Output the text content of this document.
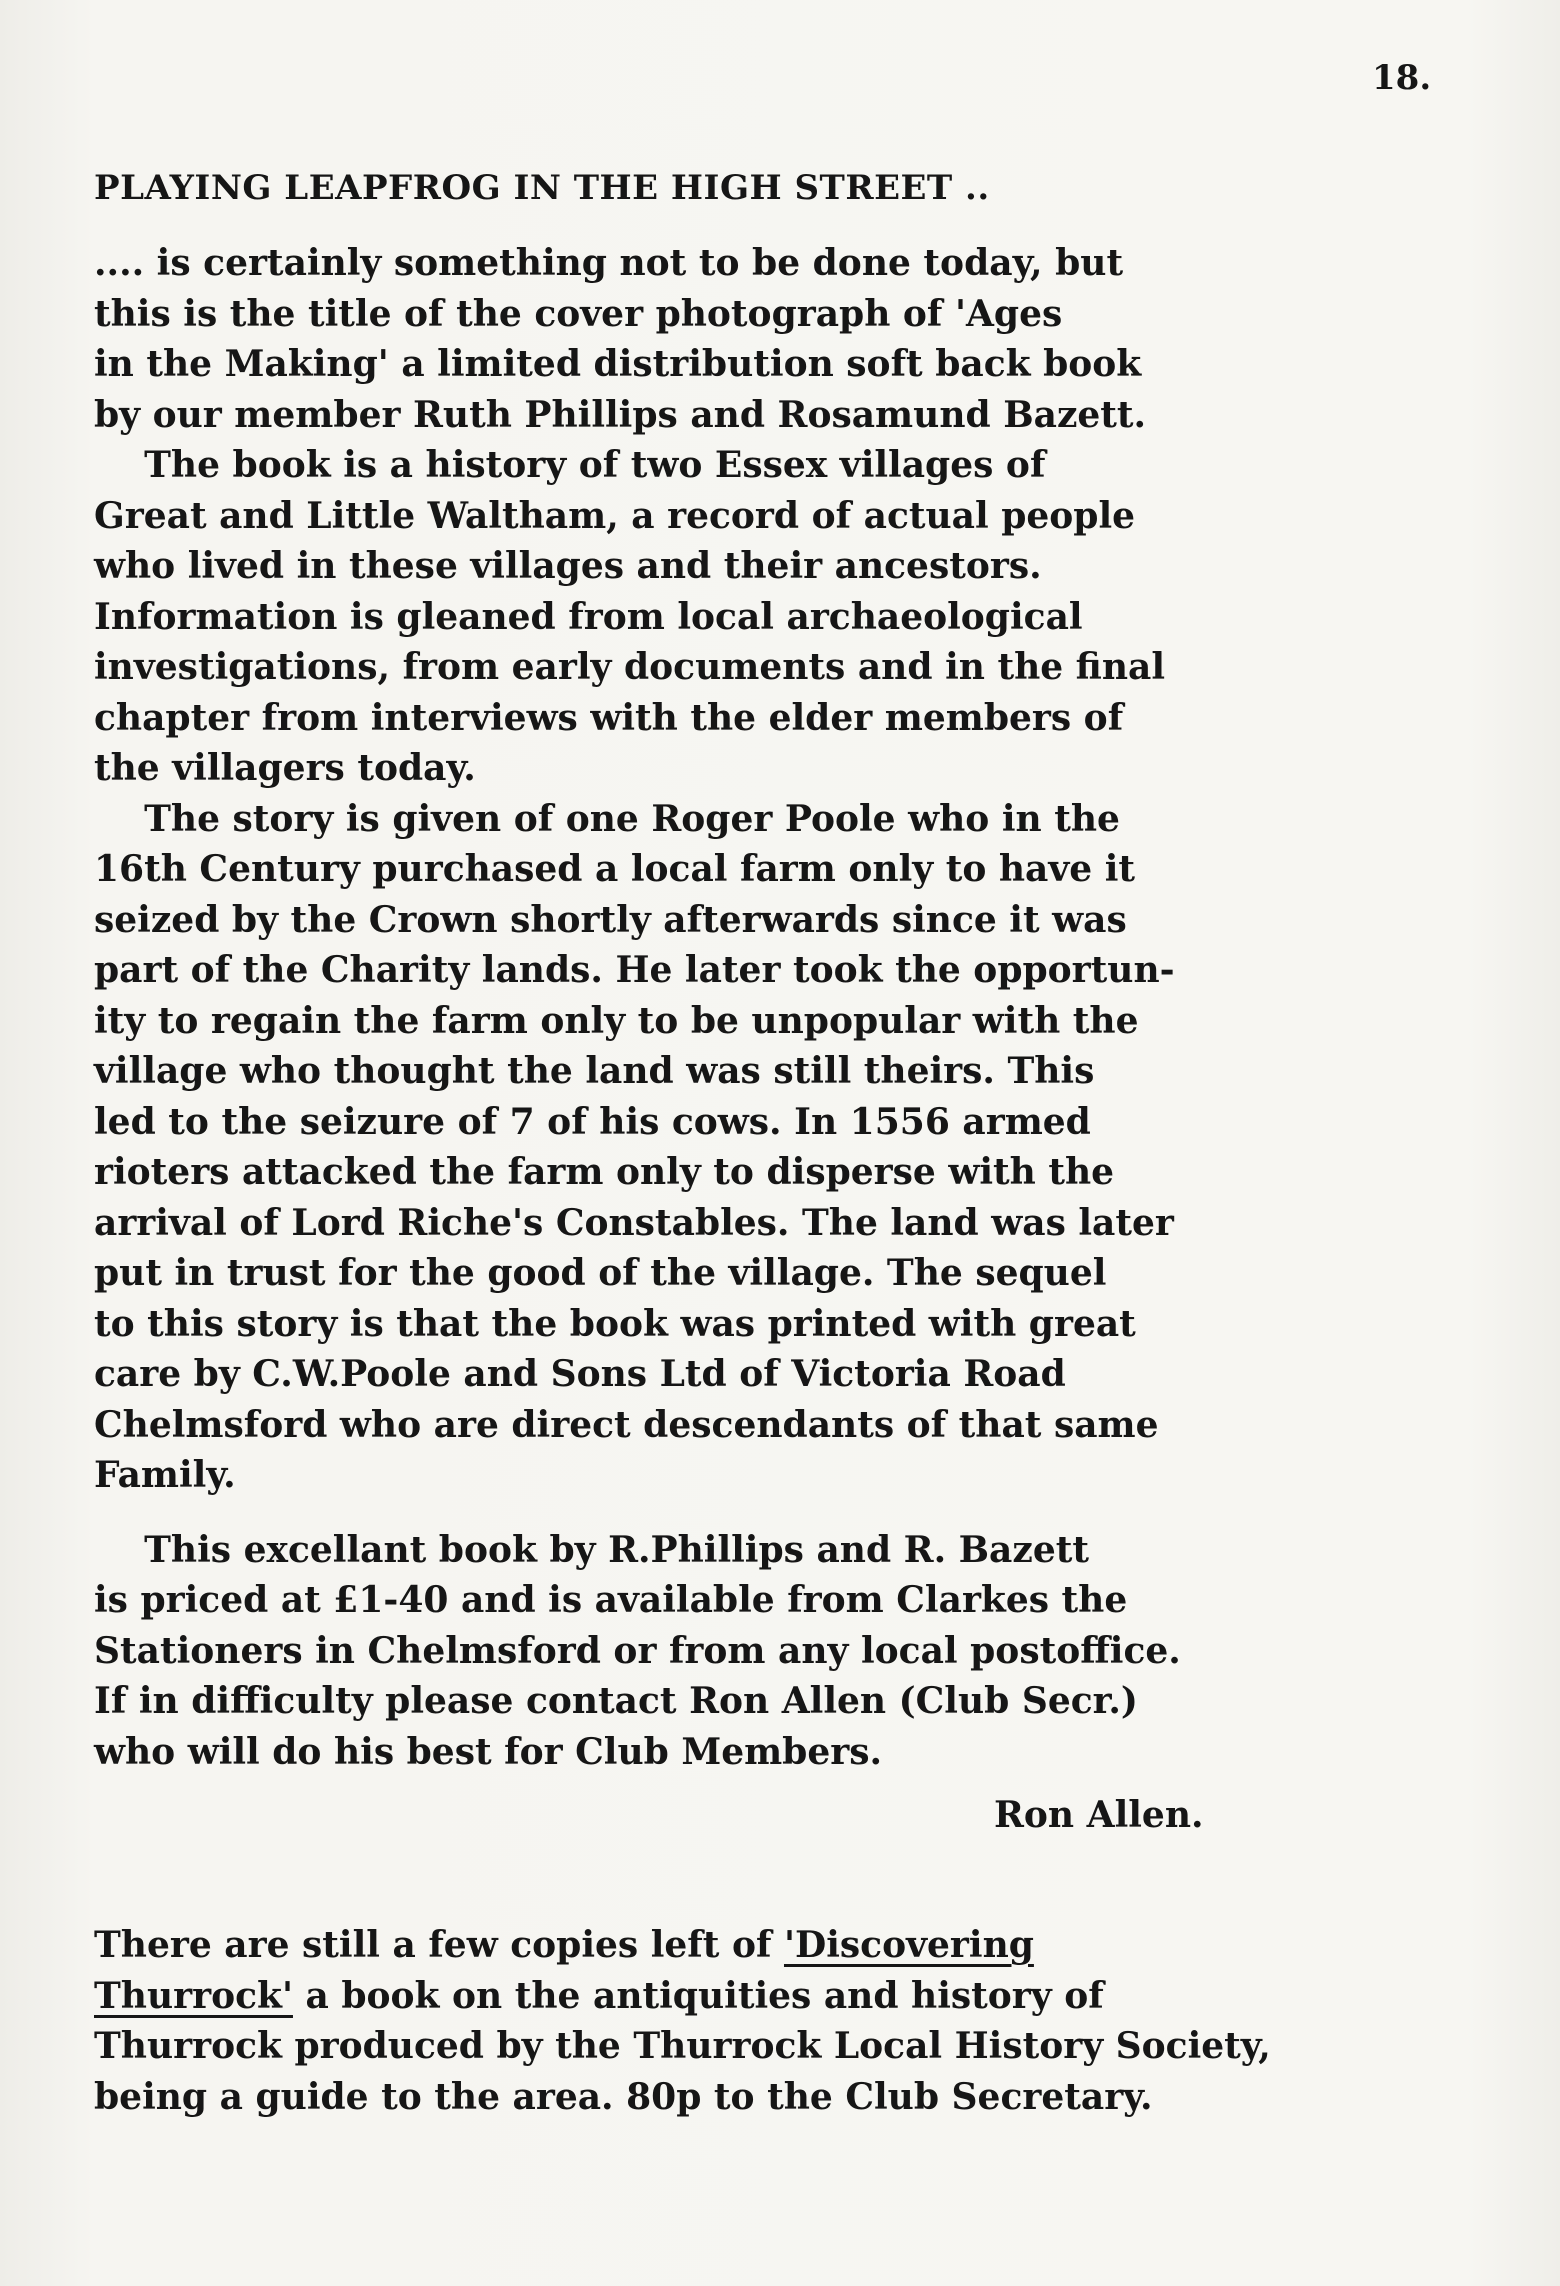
18.
PLAYING LEAPFROG IN THE HIGH STREET ..
.... is certainly something not to be done today, but
this is the title of the cover photograph of 'Ages
in the Making' a limited distribution soft back book
by our member Ruth Phillips and Rosamund Bazett.
The book is a history of two Essex villages of
Great and Little Waltham, a record of actual people
who lived in these villages and their ancestors.
Information is gleaned from local archaeological
investigations, from early documents and in the final
chapter from interviews with the elder members of
the villagers today.
The story is given of one Roger Poole who in the
16th Century purchased a local farm only to have it
seized by the Crown shortly afterwards since it was
part of the Charity lands. He later took the opportun-
ity to regain the farm only to be unpopular with the
village who thought the land was still theirs. This
led to the seizure of 7 of his cows. In 1556 armed
rioters attacked the farm only to disperse with the
arrival of Lord Riche's Constables. The land was later
put in trust for the good of the village. The sequel
to this story is that the book was printed with great
care by C.W.Poole and Sons Ltd of Victoria Road
Chelmsford who are direct descendants of that same
Family.
This excellant book by R.Phillips and R. Bazett
is priced at £1-40 and is available from Clarkes the
Stationers in Chelmsford or from any local postoffice.
If in difficulty please contact Ron Allen (Club Secr.)
who will do his best for Club Members.
Ron Allen.
There are still a few copies left of 'Discovering
Thurrock' a book on the antiquities and history of
Thurrock produced by the Thurrock Local History Society,
being a guide to the area. 80p to the Club Secretary.
